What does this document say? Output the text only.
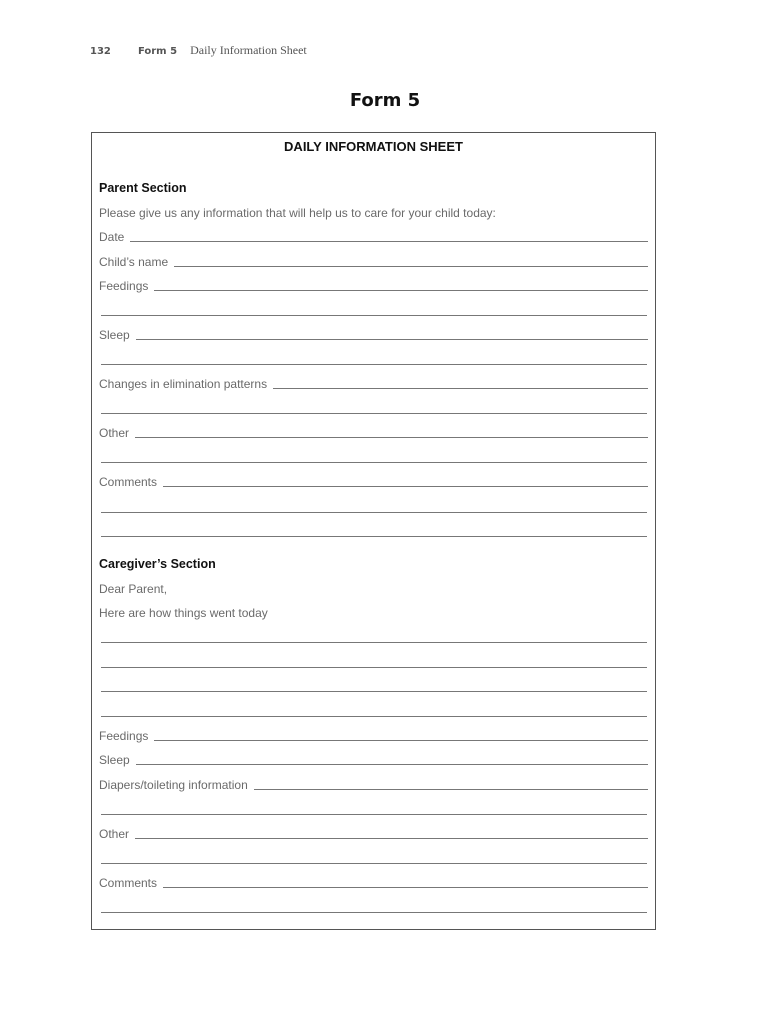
132	Form 5 Daily Information Sheet
Form 5
DAILY INFORMATION SHEET
Parent Section
Please give us any information that will help us to care for your child today:
Date
Child’s name
Feedings
Sleep
Changes in elimination patterns
Other
Comments
Caregiver’s Section
Dear Parent,
Here are how things went today
Feedings
Sleep
Diapers/toileting information
Other
Comments
